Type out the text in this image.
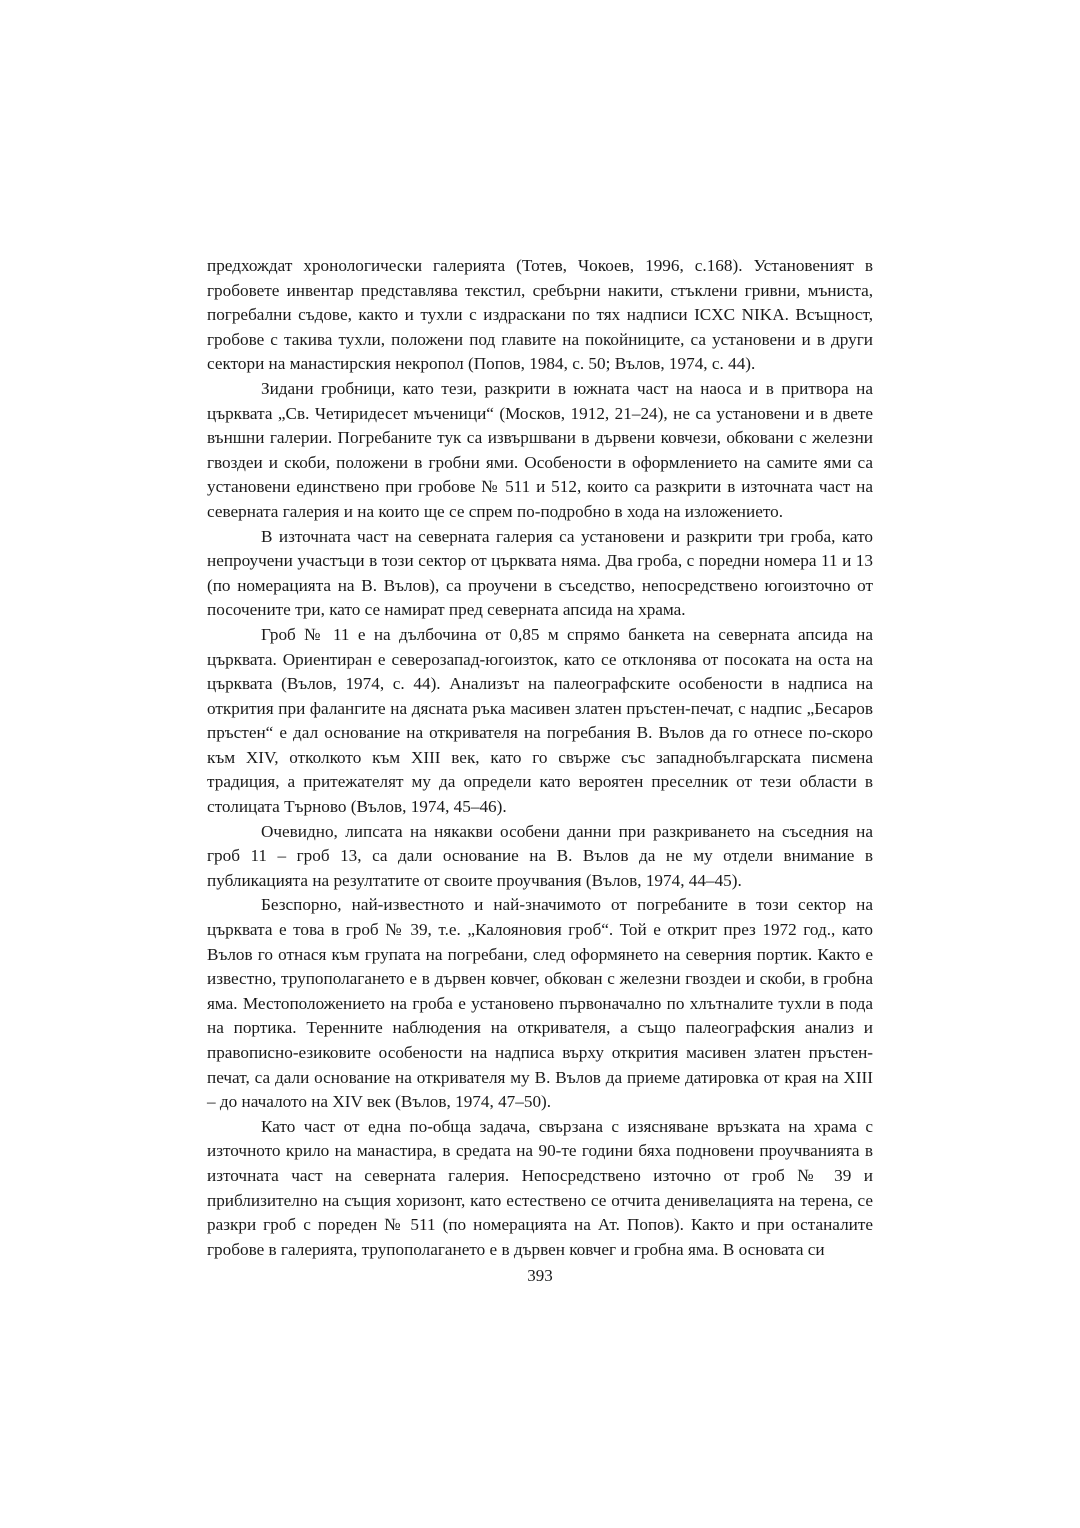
предхождат хронологически галерията (Тотев, Чокоев, 1996, с.168). Установеният в гробовете инвентар представлява текстил, сребърни накити, стъклени гривни, мъниста, погребални съдове, както и тухли с издраскани по тях надписи ICXC NIKA. Всъщност, гробове с такива тухли, положени под главите на покойниците, са установени и в други сектори на манастирския некропол (Попов, 1984, с. 50; Вълов, 1974, с. 44).

Зидани гробници, като тези, разкрити в южната част на наоса и в притвора на църквата „Св. Четиридесет мъченици“ (Москов, 1912, 21–24), не са установени и в двете външни галерии. Погребаните тук са извършвани в дървени ковчези, обковани с железни гвоздеи и скоби, положени в гробни ями. Особености в оформлението на самите ями са установени единствено при гробове № 511 и 512, които са разкрити в източната част на северната галерия и на които ще се спрем по-подробно в хода на изложението.

В източната част на северната галерия са установени и разкрити три гроба, като непроучени участъци в този сектор от църквата няма. Два гроба, с поредни номера 11 и 13 (по номерацията на В. Вълов), са проучени в съседство, непосредствено югоизточно от посочените три, като се намират пред северната апсида на храма.

Гроб № 11 е на дълбочина от 0,85 м спрямо банкета на северната апсида на църквата. Ориентиран е северозапад-югоизток, като се отклонява от посоката на оста на църквата (Вълов, 1974, с. 44). Анализът на палеографските особености в надписа на открития при фалангите на дясната ръка масивен златен пръстен-печат, с надпис „Бесаров пръстен“ е дал основание на откривателя на погребания В. Вълов да го отнесе по-скоро към XIV, отколкото към XIII век, като го свърже със западнобългарската писмена традиция, а притежателят му да определи като вероятен преселник от тези области в столицата Търново (Вълов, 1974, 45–46).

Очевидно, липсата на някакви особени данни при разкриването на съседния на гроб 11 – гроб 13, са дали основание на В. Вълов да не му отдели внимание в публикацията на резултатите от своите проучвания (Вълов, 1974, 44–45).

Безспорно, най-известното и най-значимото от погребаните в този сектор на църквата е това в гроб № 39, т.е. „Калояновия гроб“. Той е открит през 1972 год., като Вълов го отнася към групата на погребани, след оформянето на северния портик. Както е известно, трупополагането е в дървен ковчег, обкован с железни гвоздеи и скоби, в гробна яма. Местоположението на гроба е установено първоначално по хлътналите тухли в пода на портика. Теренните наблюдения на откривателя, а също палеографския анализ и правописно-езиковите особености на надписа върху открития масивен златен пръстен-печат, са дали основание на откривателя му В. Вълов да приеме датировка от края на XIII – до началото на XIV век (Вълов, 1974, 47–50).

Като част от една по-обща задача, свързана с изясняване връзката на храма с източното крило на манастира, в средата на 90-те години бяха подновени проучванията в източната част на северната галерия. Непосредствено източно от гроб № 39 и приблизително на същия хоризонт, като естествено се отчита денивелацията на терена, се разкри гроб с пореден № 511 (по номерацията на Ат. Попов). Както и при останалите гробове в галерията, трупополагането е в дървен ковчег и гробна яма. В основата си

393
